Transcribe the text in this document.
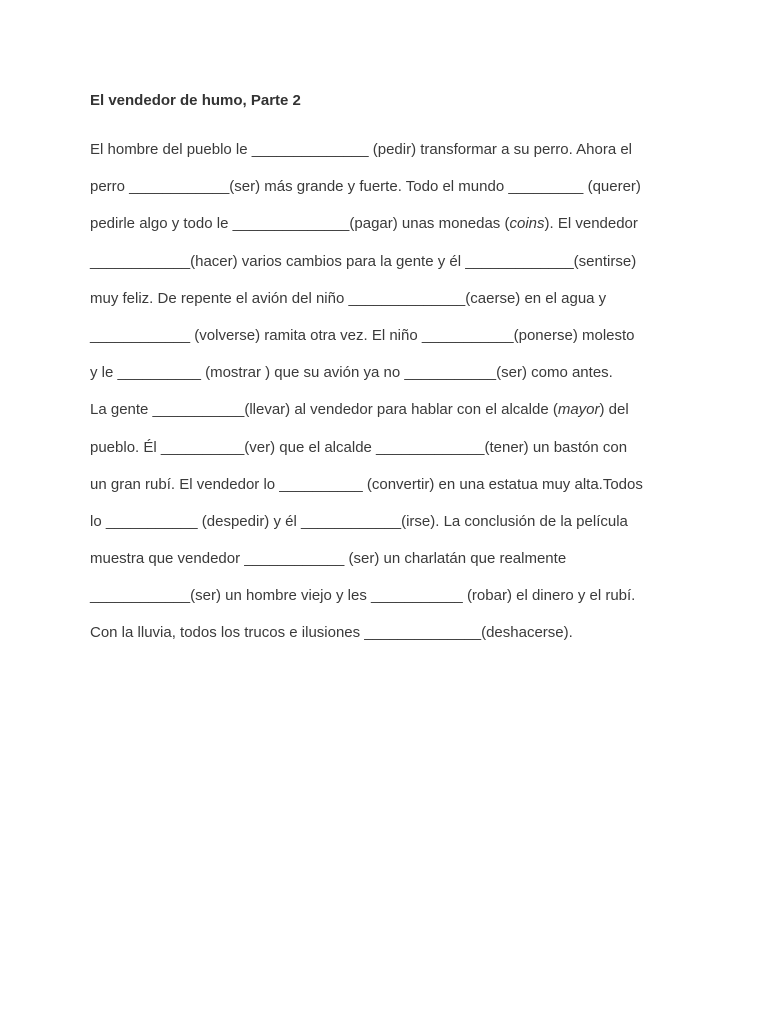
El vendedor de humo, Parte 2
El hombre del pueblo le ______________ (pedir) transformar a su perro. Ahora el
perro ____________(ser) más grande y fuerte. Todo el mundo _________ (querer)
pedirle algo y todo le ______________(pagar) unas monedas (coins). El vendedor
____________(hacer) varios cambios para la gente y él _____________(sentirse)
muy feliz. De repente el avión del niño ______________(caerse) en el agua y
____________ (volverse) ramita otra vez. El niño ___________(ponerse) molesto
y le __________ (mostrar ) que su avión ya no ___________(ser) como antes.
La gente ___________(llevar) al vendedor para hablar con el alcalde (mayor) del
pueblo. Él __________(ver) que el alcalde _____________(tener) un bastón con
un gran rubí. El vendedor lo __________ (convertir) en una estatua muy alta.Todos
lo ___________ (despedir) y él ____________(irse). La conclusión de la película
muestra que vendedor ____________ (ser) un charlatán que realmente
____________(ser) un hombre viejo y les ___________ (robar) el dinero y el rubí.
Con la lluvia, todos los trucos e ilusiones ______________(deshacerse).
